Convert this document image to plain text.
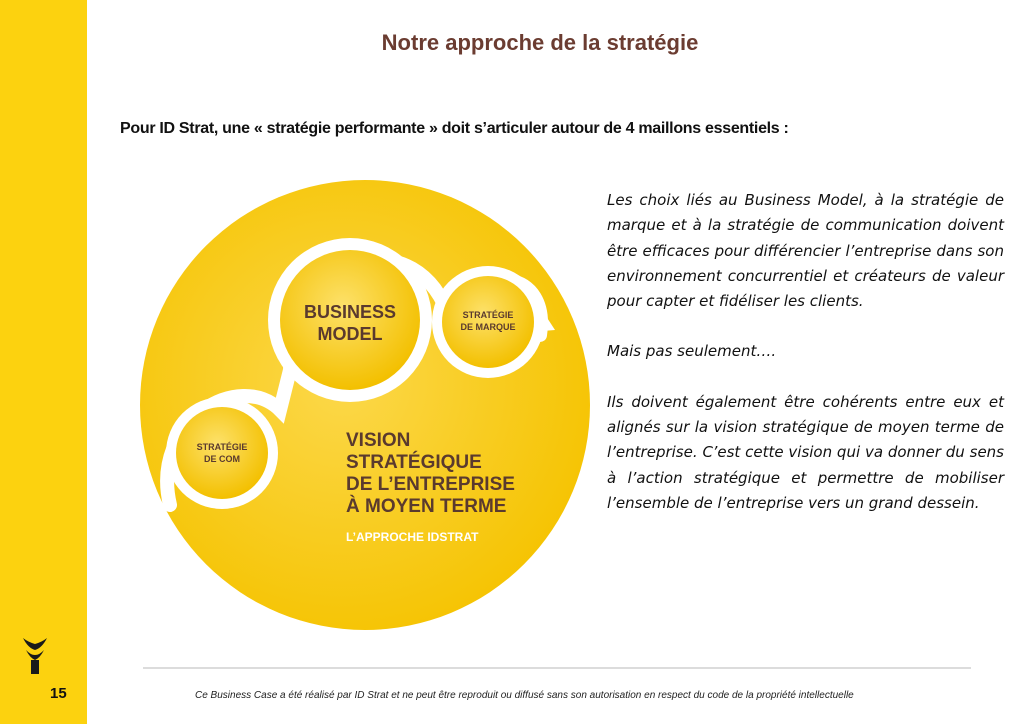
15
Notre approche de la stratégie
Pour ID Strat, une « stratégie performante » doit s’articuler autour de 4 maillons essentiels :
BUSINESS
MODEL
STRATÉGIE
DE MARQUE
STRATÉGIE
DE COM
VISION
STRATÉGIQUE
DE L’ENTREPRISE
À MOYEN TERME
L’APPROCHE IDSTRAT

Les choix liés au Business Model, à la stratégie de marque et à la stratégie de communication doivent être efficaces pour différencier l’entreprise dans son environnement concurrentiel et créateurs de valeur pour capter et fidéliser les clients.

Mais pas seulement….

Ils doivent également être cohérents entre eux et alignés sur la vision stratégique de moyen terme de l’entreprise. C’est cette vision qui va donner du sens à l’action stratégique et permettre de mobiliser l’ensemble de l’entreprise vers un grand dessein.

Ce Business Case a été réalisé par ID Strat et ne peut être reproduit ou diffusé sans son autorisation en respect du code de la propriété intellectuelle
